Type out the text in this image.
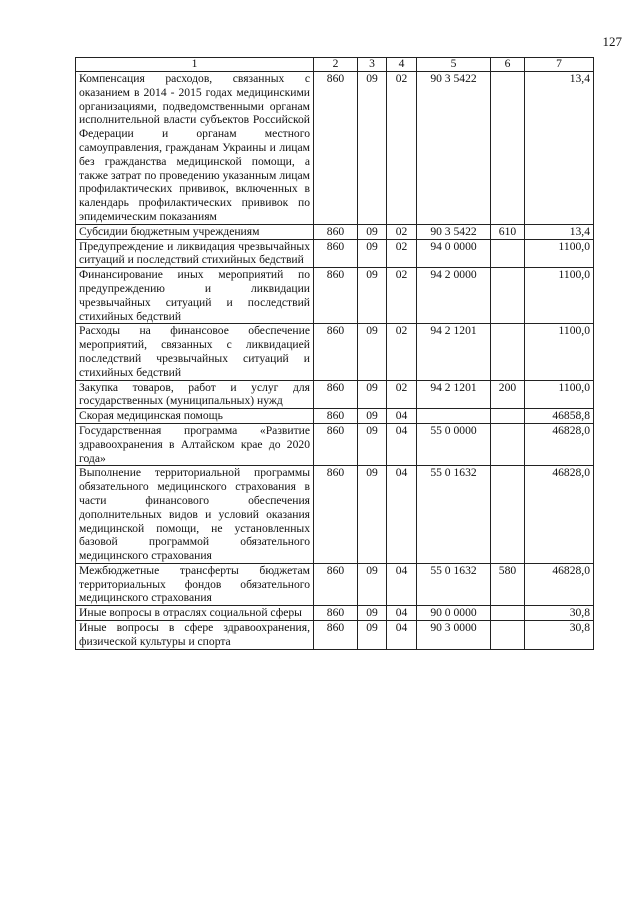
127
1	2	3	4	5	6	7
Компенсация расходов, связанных с оказанием в 2014 - 2015 годах медицинскими организациями, подведомственными органам исполнительной власти субъектов Российской Федерации и органам местного самоуправления, гражданам Украины и лицам без гражданства медицинской помощи, а также затрат по проведению указанным лицам профилактических прививок, включенных в календарь профилактических прививок по эпидемическим показаниям	860	09	02	90 3 5422		13,4
Субсидии бюджетным учреждениям	860	09	02	90 3 5422	610	13,4
Предупреждение и ликвидация чрезвычайных ситуаций и последствий стихийных бедствий	860	09	02	94 0 0000		1100,0
Финансирование иных мероприятий по предупреждению и ликвидации чрезвычайных ситуаций и последствий стихийных бедствий	860	09	02	94 2 0000		1100,0
Расходы на финансовое обеспечение мероприятий, связанных с ликвидацией последствий чрезвычайных ситуаций и стихийных бедствий	860	09	02	94 2 1201		1100,0
Закупка товаров, работ и услуг для государственных (муниципальных) нужд	860	09	02	94 2 1201	200	1100,0
Скорая медицинская помощь	860	09	04			46858,8
Государственная программа «Развитие здравоохранения в Алтайском крае до 2020 года»	860	09	04	55 0 0000		46828,0
Выполнение территориальной программы обязательного медицинского страхования в части финансового обеспечения дополнительных видов и условий оказания медицинской помощи, не установленных базовой программой обязательного медицинского страхования	860	09	04	55 0 1632		46828,0
Межбюджетные трансферты бюджетам территориальных фондов обязательного медицинского страхования	860	09	04	55 0 1632	580	46828,0
Иные вопросы в отраслях социальной сферы	860	09	04	90 0 0000		30,8
Иные вопросы в сфере здравоохранения, физической культуры и спорта	860	09	04	90 3 0000		30,8
